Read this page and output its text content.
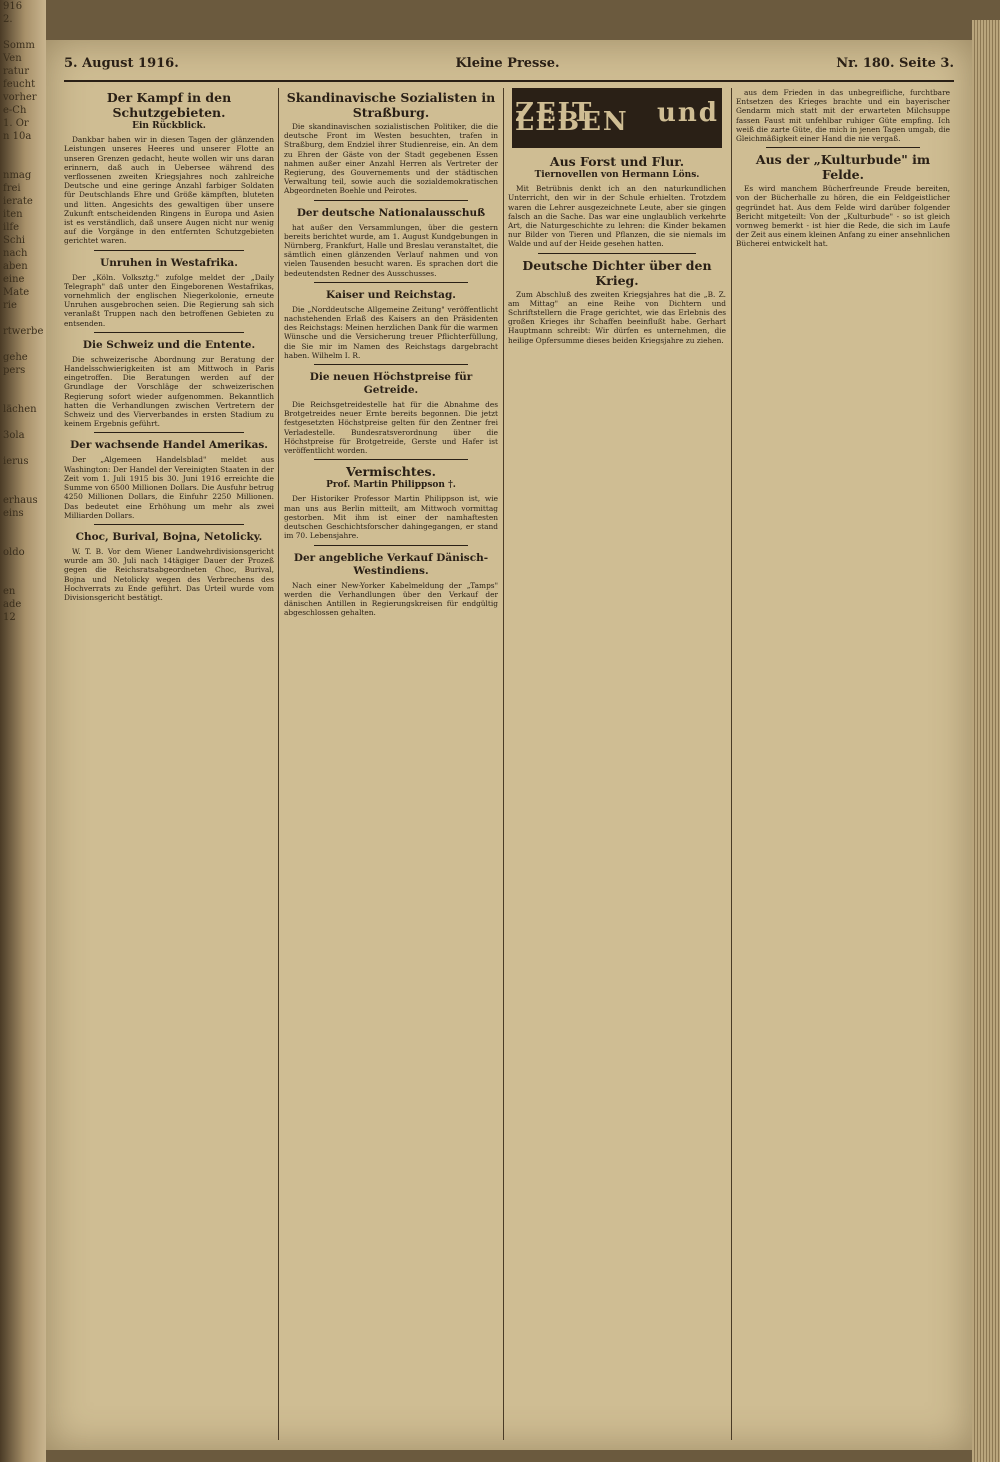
916
2.

Somm
Ven
ratur
feucht
vorher
e-Ch
1. Or
n 10a

nmag
frei
ierate
iten
ilfe
Schi
nach
aben
eine
Mate
rie

rtwerbe

gehe
pers

lächen

3ola

ierus

erhaus
eins

oldo

en
ade
12
5. August 1916.	Kleine Presse.	Nr. 180. Seite 3.
Der Kampf in den Schutzgebieten.
Ein Rückblick.

Dankbar haben wir in diesen Tagen der glänzenden Leistungen unseres Heeres und unserer Flotte an unseren Grenzen gedacht, heute wollen wir uns daran erinnern, daß auch in Uebersee während des verflossenen zweiten Kriegsjahres noch zahlreiche Deutsche und eine geringe Anzahl farbiger Soldaten für Deutschlands Ehre und Größe kämpften, bluteten und litten. Angesichts des gewaltigen über unsere Zukunft entscheidenden Ringens in Europa und Asien ist es verständlich, daß unsere Augen nicht nur wenig auf die Vorgänge in den entfernten Schutzgebieten gerichtet waren.

Unruhen in Westafrika.

Der „Köln. Volksztg." zufolge meldet der „Daily Telegraph" daß unter den Eingeborenen Westafrikas, vornehmlich der englischen Niegerkolonie, erneute Unruhen ausgebrochen seien. Die Regierung sah sich veranlaßt Truppen nach den betroffenen Gebieten zu entsenden.

Die Schweiz und die Entente.

Die schweizerische Abordnung zur Beratung der Handelsschwierigkeiten ist am Mittwoch in Paris eingetroffen. Die Beratungen werden auf der Grundlage der Vorschläge der schweizerischen Regierung sofort wieder aufgenommen. Bekanntlich hatten die Verhandlungen zwischen Vertretern der Schweiz und des Vierverbandes in ersten Stadium zu keinem Ergebnis geführt.

Der wachsende Handel Amerikas.

Der „Algemeen Handelsblad" meldet aus Washington: Der Handel der Vereinigten Staaten in der Zeit vom 1. Juli 1915 bis 30. Juni 1916 erreichte die Summe von 6500 Millionen Dollars. Die Ausfuhr betrug 4250 Millionen Dollars, die Einfuhr 2250 Millionen. Das bedeutet eine Erhöhung um mehr als zwei Milliarden Dollars.

Choc, Burival, Bojna, Netolicky.

W. T. B. Vor dem Wiener Landwehrdivisionsgericht wurde am 30. Juli nach 14tägiger Dauer der Prozeß gegen die Reichsratsabgeordneten Choc, Burival, Bojna und Netolicky wegen des Verbrechens des Hochverrats zu Ende geführt. Das Urteil wurde vom Divisionsgericht bestätigt.

Skandinavische Sozialisten in Straßburg.

Die skandinavischen sozialistischen Politiker, die die deutsche Front im Westen besuchten, trafen in Straßburg, dem Endziel ihrer Studienreise, ein. An dem zu Ehren der Gäste von der Stadt gegebenen Essen nahmen außer einer Anzahl Herren als Vertreter der Regierung, des Gouvernements und der städtischen Verwaltung teil, sowie auch die sozialdemokratischen Abgeordneten Boehle und Peirotes.

Der deutsche Nationalausschuß

hat außer den Versammlungen, über die gestern bereits berichtet wurde, am 1. August Kundgebungen in Nürnberg, Frankfurt, Halle und Breslau veranstaltet, die sämtlich einen glänzenden Verlauf nahmen und von vielen Tausenden besucht waren. Es sprachen dort die bedeutendsten Redner des Ausschusses.

Kaiser und Reichstag.

Die „Norddeutsche Allgemeine Zeitung" veröffentlicht nachstehenden Erlaß des Kaisers an den Präsidenten des Reichstags: Meinen herzlichen Dank für die warmen Wünsche und die Versicherung treuer Pflichterfüllung, die Sie mir im Namen des Reichstags dargebracht haben. Wilhelm I. R.

Die neuen Höchstpreise für Getreide.

Die Reichsgetreidestelle hat für die Abnahme des Brotgetreides neuer Ernte bereits begonnen. Die jetzt festgesetzten Höchstpreise gelten für den Zentner frei Verladestelle. Bundesratsverordnung über die Höchstpreise für Brotgetreide, Gerste und Hafer ist veröffentlicht worden.

Vermischtes.
Prof. Martin Philippson †.

Der Historiker Professor Martin Philippson ist, wie man uns aus Berlin mitteilt, am Mittwoch vormittag gestorben. Mit ihm ist einer der namhaftesten deutschen Geschichtsforscher dahingegangen, er stand im 70. Lebensjahre.

Der angebliche Verkauf Dänisch-Westindiens.

Nach einer New-Yorker Kabelmeldung der „Tamps" werden die Verhandlungen über den Verkauf der dänischen Antillen in Regierungskreisen für endgültig abgeschlossen gehalten.

ZEIT und LEBEN
Aus Forst und Flur.
Tiernovellen von Hermann Löns.

Mit Betrübnis denkt ich an den naturkundlichen Unterricht, den wir in der Schule erhielten. Trotzdem waren die Lehrer ausgezeichnete Leute, aber sie gingen falsch an die Sache. Das war eine unglaublich verkehrte Art, die Naturgeschichte zu lehren: die Kinder bekamen nur Bilder von Tieren und Pflanzen, die sie niemals im Walde und auf der Heide gesehen hatten.

Deutsche Dichter über den Krieg.

Zum Abschluß des zweiten Kriegsjahres hat die „B. Z. am Mittag" an eine Reihe von Dichtern und Schriftstellern die Frage gerichtet, wie das Erlebnis des großen Krieges ihr Schaffen beeinflußt habe. Gerhart Hauptmann schreibt: Wir dürfen es unternehmen, die heilige Opfersumme dieses beiden Kriegsjahre zu ziehen.

aus dem Frieden in das unbegreifliche, furchtbare Entsetzen des Krieges brachte und ein bayerischer Gendarm mich statt mit der erwarteten Milchsuppe fassen Faust mit unfehlbar ruhiger Güte empfing. Ich weiß die zarte Güte, die mich in jenen Tagen umgab, die Gleichmäßigkeit einer Hand die nie vergaß.

Aus der „Kulturbude" im Felde.

Es wird manchem Bücherfreunde Freude bereiten, von der Bücherhalle zu hören, die ein Feldgeistlicher gegründet hat. Aus dem Felde wird darüber folgender Bericht mitgeteilt: Von der „Kulturbude" - so ist gleich vornweg bemerkt - ist hier die Rede, die sich im Laufe der Zeit aus einem kleinen Anfang zu einer ansehnlichen Bücherei entwickelt hat.
